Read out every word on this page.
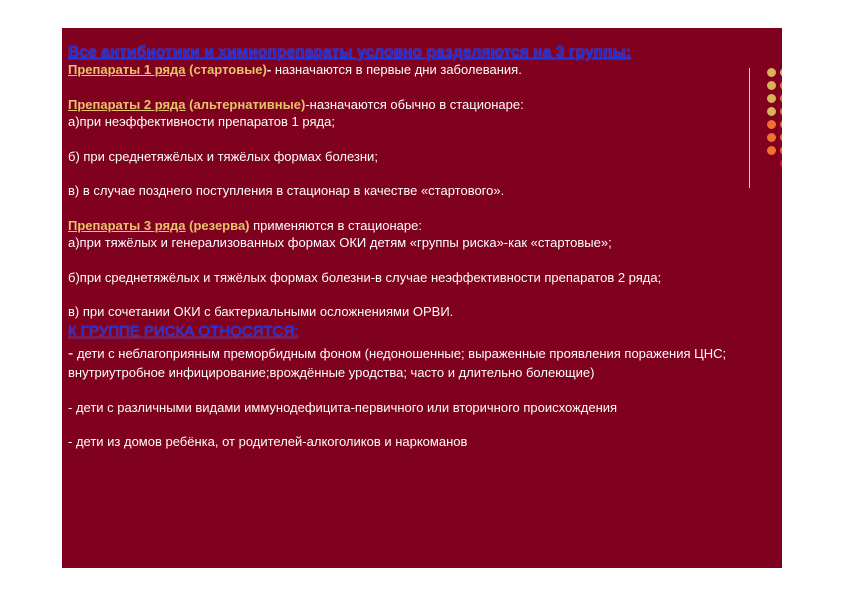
Все антибиотики и химиопрепараты условно разделяются на 3 группы:
Препараты 1 ряда (стартовые)- назначаются в первые дни заболевания.
Препараты 2 ряда (альтернативные)-назначаются обычно в стационаре:
а)при неэффективности препаратов 1 ряда;
б) при среднетяжёлых и тяжёлых формах болезни;
в) в случае позднего поступления в стационар в качестве «стартового».
Препараты 3 ряда (резерва) применяются в стационаре:
а)при тяжёлых и генерализованных формах ОКИ детям «группы риска»-как «стартовые»;
б)при среднетяжёлых и тяжёлых формах болезни-в случае неэффективности препаратов 2 ряда;
в) при сочетании ОКИ с бактериальными осложнениями ОРВИ.
К ГРУППЕ РИСКА ОТНОСЯТСЯ:
- дети с неблагоприяным преморбидным фоном (недоношенные; выраженные проявления поражения ЦНС; внутриутробное инфицирование;врождённые уродства; часто и длительно болеющие)
- дети с различными видами иммунодефицита-первичного или вторичного происхождения
- дети из домов ребёнка, от родителей-алкоголиков и наркоманов
